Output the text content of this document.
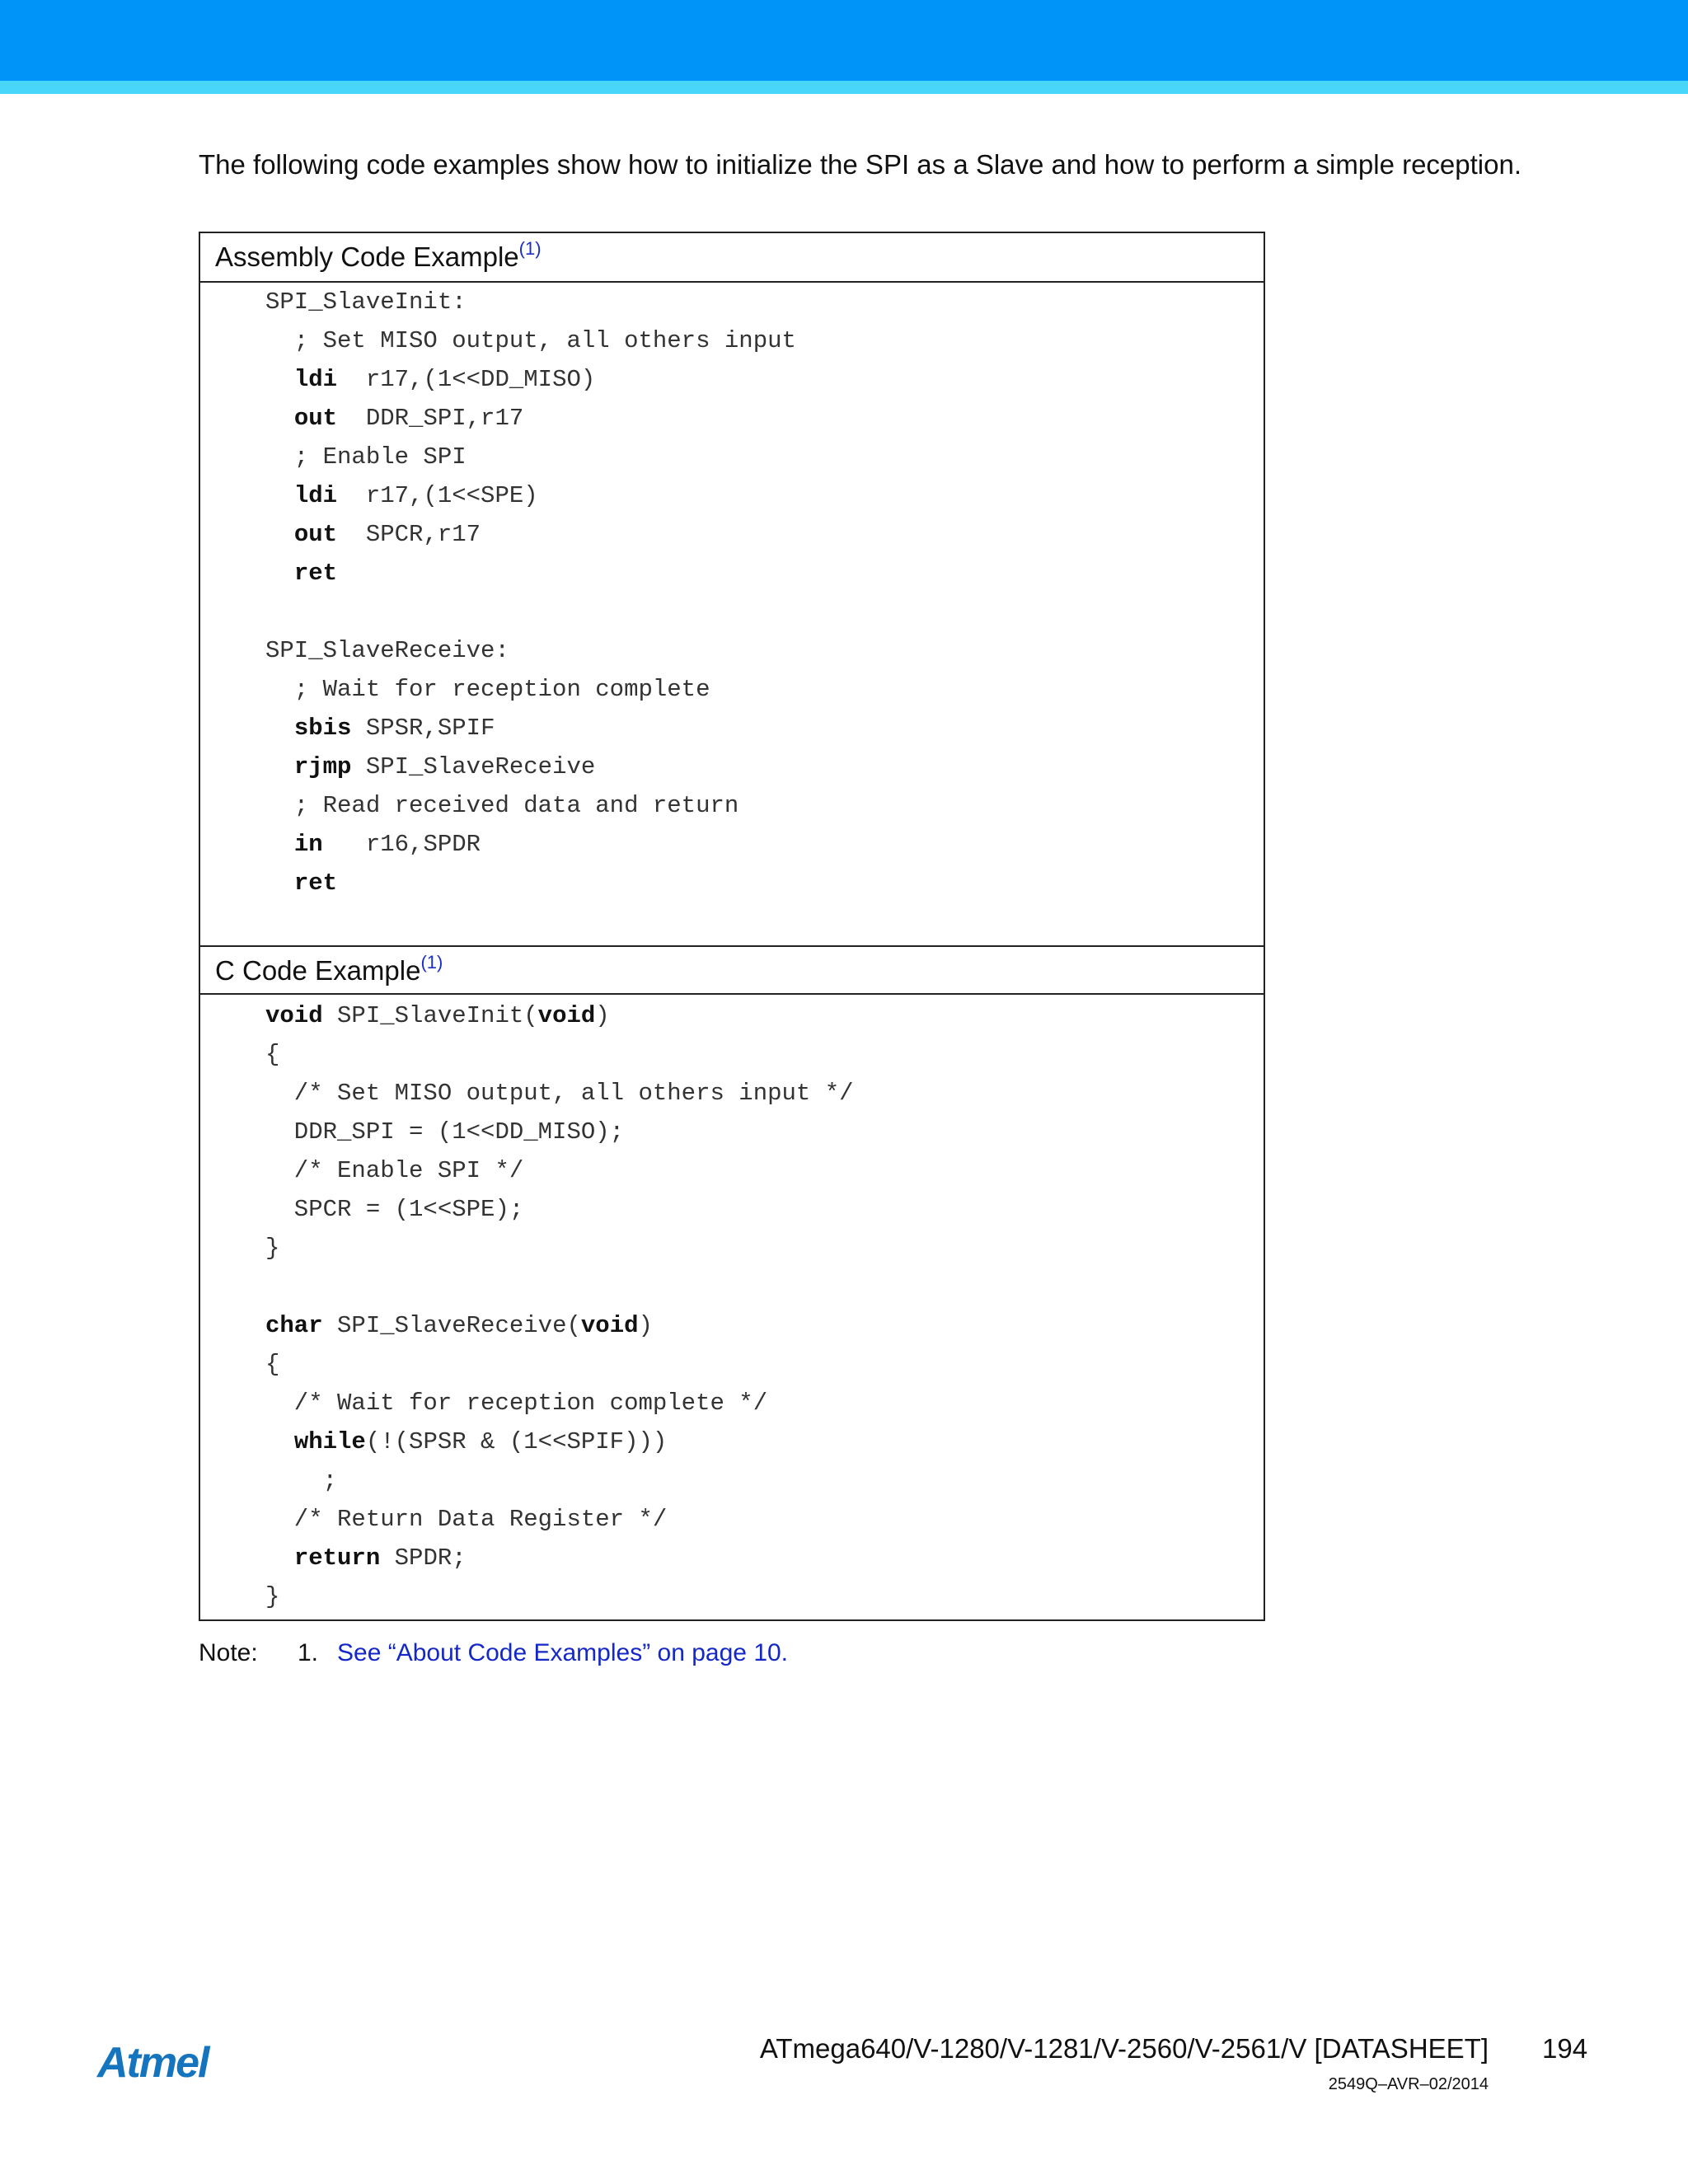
The following code examples show how to initialize the SPI as a Slave and how to perform a simple reception.

Assembly Code Example$^{(1)}$
SPI_SlaveInit:
; Set MISO output, all others input
ldi  r17,(1<<DD_MISO)
out  DDR_SPI,r17
; Enable SPI
ldi  r17,(1<<SPE)
out  SPCR,r17
ret
SPI_SlaveReceive:
; Wait for reception complete
sbis SPSR,SPIF
rjmp SPI_SlaveReceive
; Read received data and return
in   r16,SPDR
ret
C Code Example$^{(1)}$
void SPI_SlaveInit(void)
{
/* Set MISO output, all others input */
DDR_SPI = (1<<DD_MISO);
/* Enable SPI */
SPCR = (1<<SPE);
}
char SPI_SlaveReceive(void)
{
/* Wait for reception complete */
while(!(SPSR & (1<<SPIF)))
;
/* Return Data Register */
return SPDR;
}
Note: 1. See “About Code Examples” on page 10.
Atmel	ATmega640/V-1280/V-1281/V-2560/V-2561/V [DATASHEET] 194
2549Q–AVR–02/2014
